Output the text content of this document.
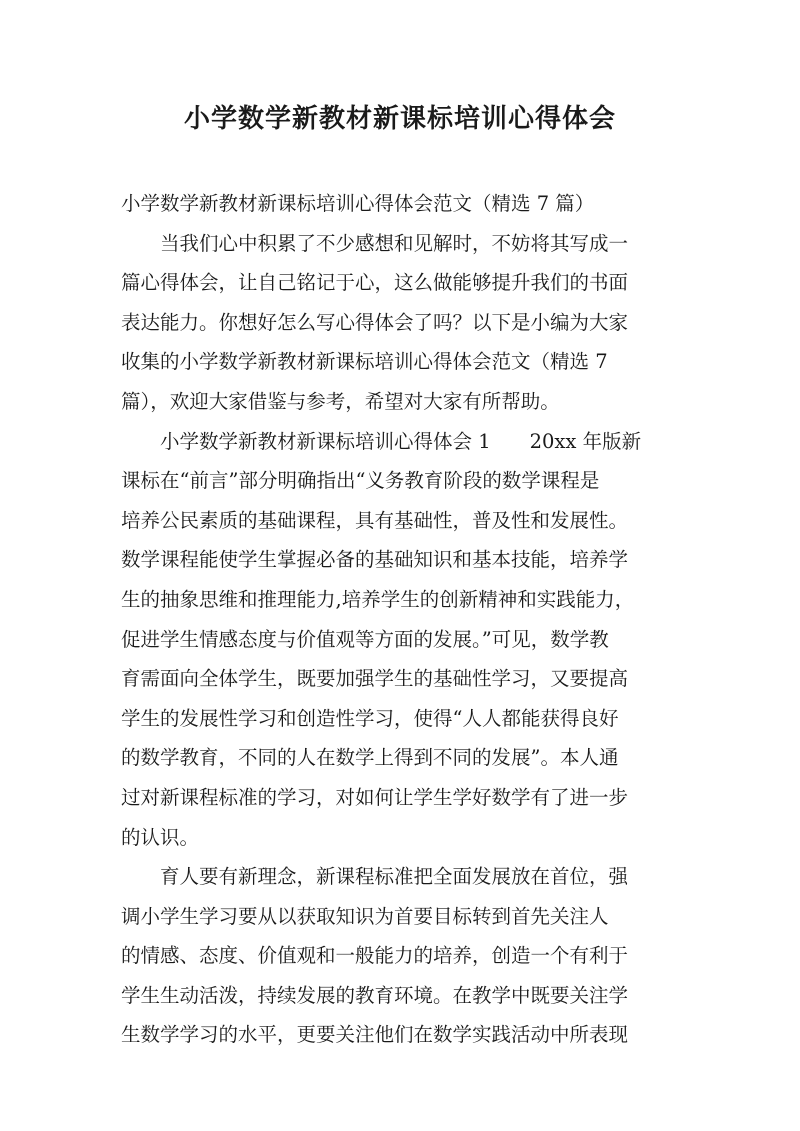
小学数学新教材新课标培训心得体会
小学数学新教材新课标培训心得体会范文（精选 7 篇）
　　当我们心中积累了不少感想和见解时，不妨将其写成一
篇心得体会，让自己铭记于心，这么做能够提升我们的书面
表达能力。你想好怎么写心得体会了吗？以下是小编为大家
收集的小学数学新教材新课标培训心得体会范文（精选 7
篇），欢迎大家借鉴与参考，希望对大家有所帮助。
　　小学数学新教材新课标培训心得体会 1　　20xx 年版新
课标在“前言”部分明确指出“义务教育阶段的数学课程是
培养公民素质的基础课程，具有基础性，普及性和发展性。
数学课程能使学生掌握必备的基础知识和基本技能，培养学
生的抽象思维和推理能力,培养学生的创新精神和实践能力，
促进学生情感态度与价值观等方面的发展。”可见，数学教
育需面向全体学生，既要加强学生的基础性学习，又要提高
学生的发展性学习和创造性学习，使得“人人都能获得良好
的数学教育，不同的人在数学上得到不同的发展”。本人通
过对新课程标准的学习，对如何让学生学好数学有了进一步
的认识。
　　育人要有新理念，新课程标准把全面发展放在首位，强
调小学生学习要从以获取知识为首要目标转到首先关注人
的情感、态度、价值观和一般能力的培养，创造一个有利于
学生生动活泼，持续发展的教育环境。在教学中既要关注学
生数学学习的水平，更要关注他们在数学实践活动中所表现
